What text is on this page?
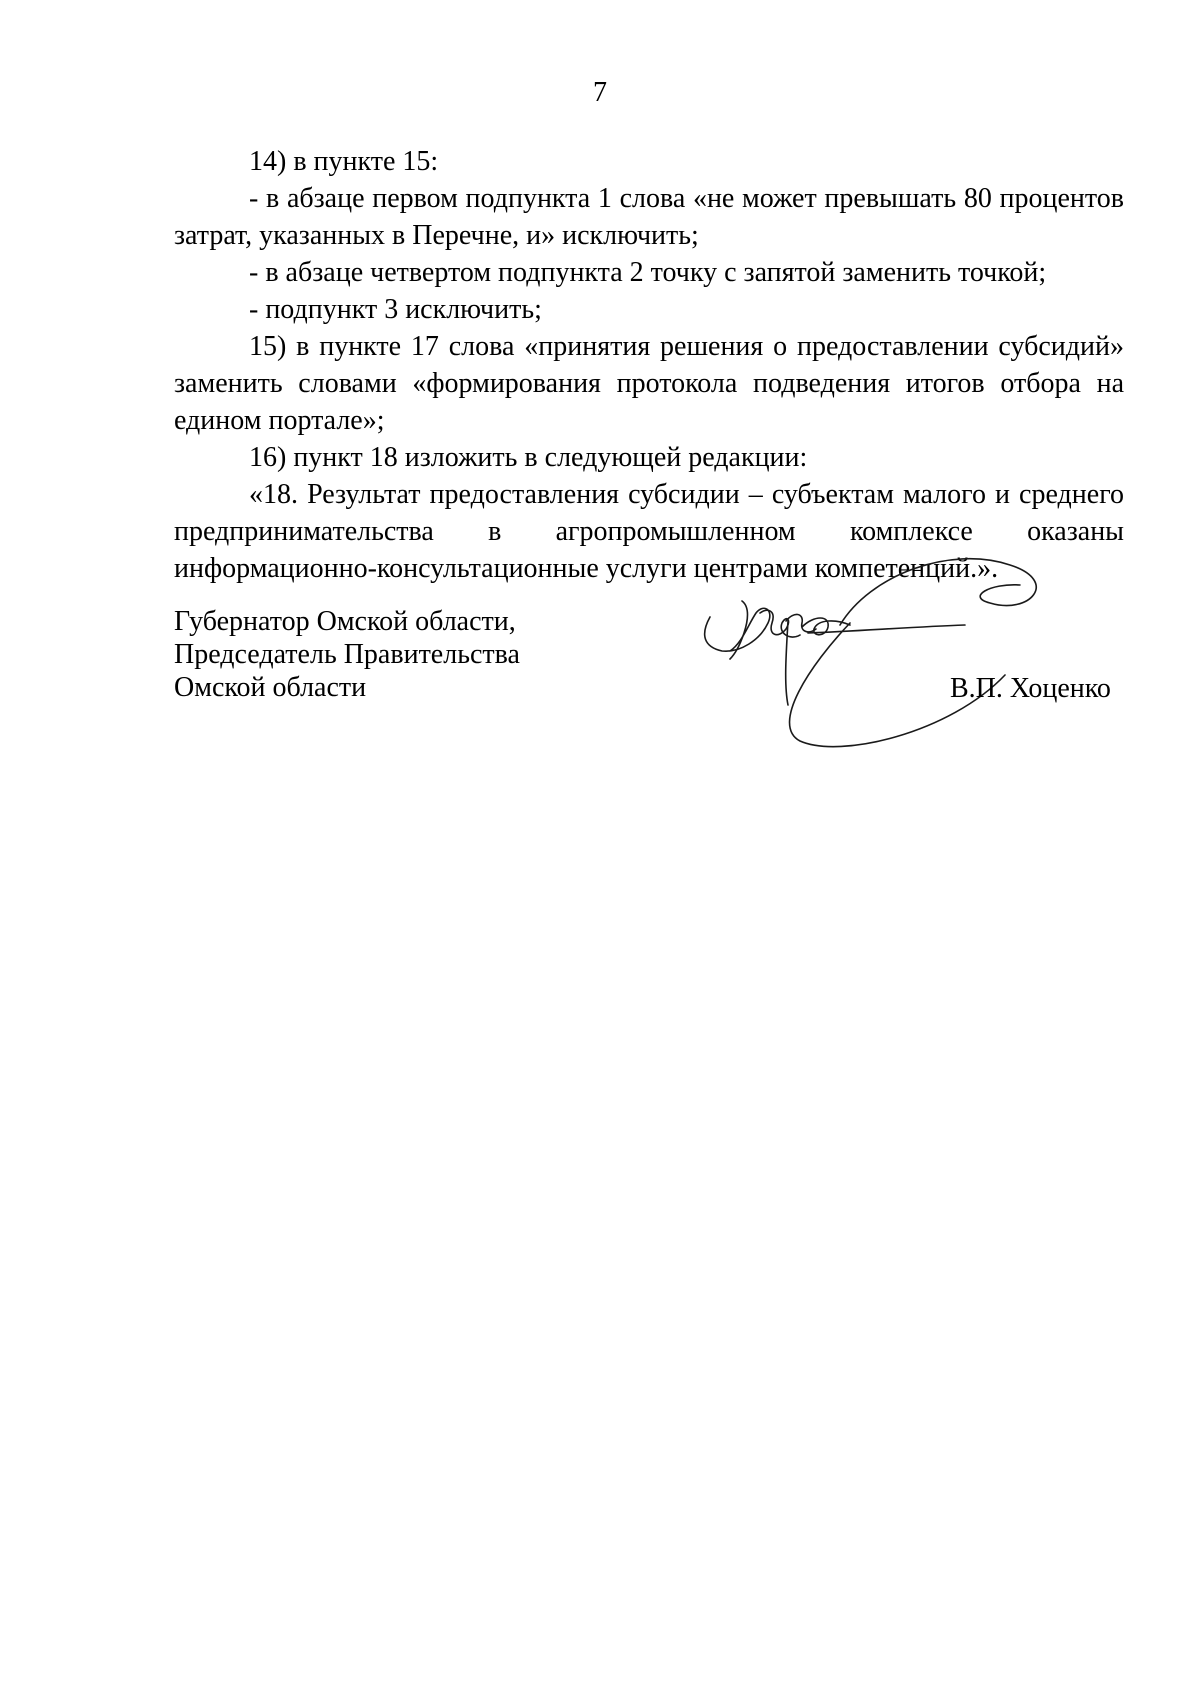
7

14) в пункте 15:

- в абзаце первом подпункта 1 слова «не может превышать 80 процентов затрат, указанных в Перечне, и» исключить;

- в абзаце четвертом подпункта 2 точку с запятой заменить точкой;

- подпункт 3 исключить;

15) в пункте 17 слова «принятия решения о предоставлении субсидий» заменить словами «формирования протокола подведения итогов отбора на едином портале»;

16) пункт 18 изложить в следующей редакции:

«18. Результат предоставления субсидии – субъектам малого и среднего предпринимательства в агропромышленном комплексе оказаны информационно-консультационные услуги центрами компетенций.».

Губернатор Омской области,
Председатель Правительства
Омской области	В.П. Хоценко
